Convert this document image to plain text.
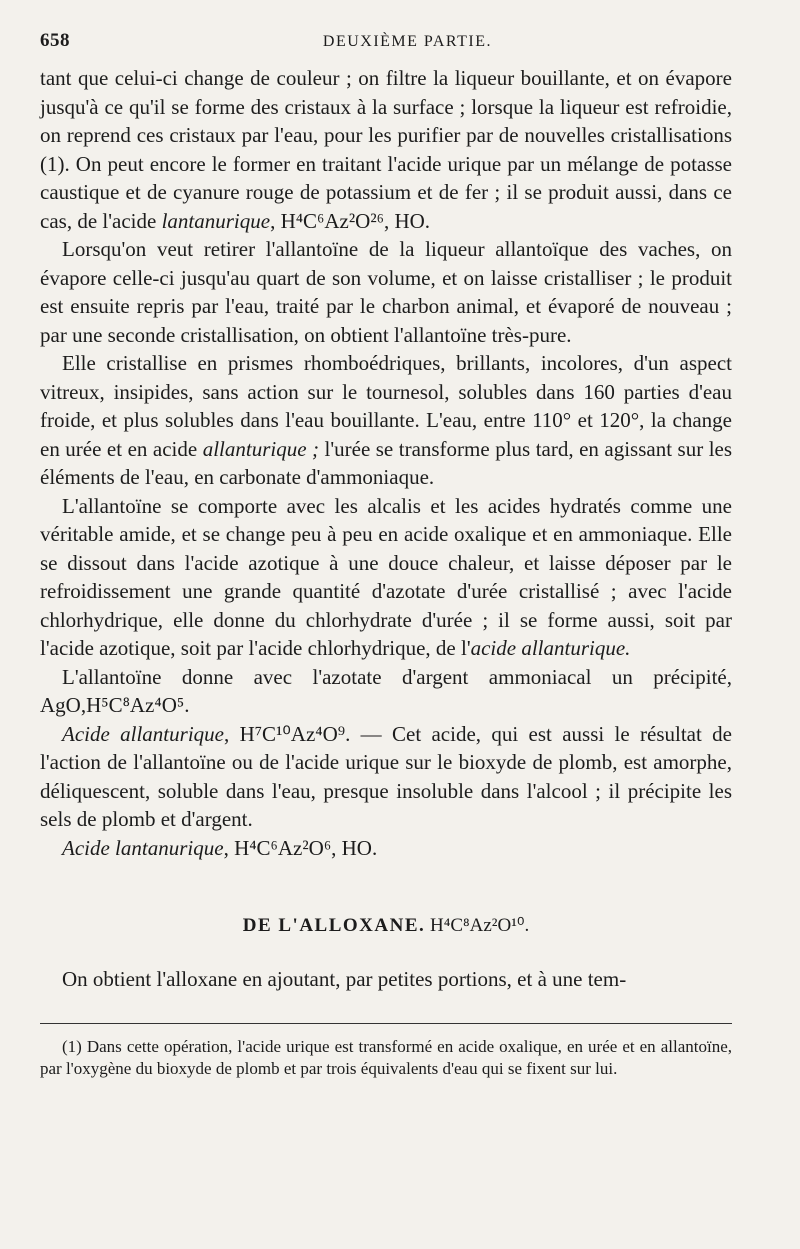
658	DEUXIÈME PARTIE.

tant que celui-ci change de couleur ; on filtre la liqueur bouillante, et on évapore jusqu'à ce qu'il se forme des cristaux à la surface ; lorsque la liqueur est refroidie, on reprend ces cristaux par l'eau, pour les purifier par de nouvelles cristallisations (1). On peut encore le former en traitant l'acide urique par un mélange de potasse caustique et de cyanure rouge de potassium et de fer ; il se produit aussi, dans ce cas, de l'acide lantanurique, H⁴C⁶Az²O²⁶, HO.

Lorsqu'on veut retirer l'allantoïne de la liqueur allantoïque des vaches, on évapore celle-ci jusqu'au quart de son volume, et on laisse cristalliser ; le produit est ensuite repris par l'eau, traité par le charbon animal, et évaporé de nouveau ; par une seconde cristallisation, on obtient l'allantoïne très-pure.

Elle cristallise en prismes rhomboédriques, brillants, incolores, d'un aspect vitreux, insipides, sans action sur le tournesol, solubles dans 160 parties d'eau froide, et plus solubles dans l'eau bouillante. L'eau, entre 110° et 120°, la change en urée et en acide allanturique ; l'urée se transforme plus tard, en agissant sur les éléments de l'eau, en carbonate d'ammoniaque.

L'allantoïne se comporte avec les alcalis et les acides hydratés comme une véritable amide, et se change peu à peu en acide oxalique et en ammoniaque. Elle se dissout dans l'acide azotique à une douce chaleur, et laisse déposer par le refroidissement une grande quantité d'azotate d'urée cristallisé ; avec l'acide chlorhydrique, elle donne du chlorhydrate d'urée ; il se forme aussi, soit par l'acide azotique, soit par l'acide chlorhydrique, de l'acide allanturique.

L'allantoïne donne avec l'azotate d'argent ammoniacal un précipité, AgO,H⁵C⁸Az⁴O⁵.

Acide allanturique, H⁷C¹⁰Az⁴O⁹. — Cet acide, qui est aussi le résultat de l'action de l'allantoïne ou de l'acide urique sur le bioxyde de plomb, est amorphe, déliquescent, soluble dans l'eau, presque insoluble dans l'alcool ; il précipite les sels de plomb et d'argent.

Acide lantanurique, H⁴C⁶Az²O⁶, HO.

DE L'ALLOXANE. H⁴C⁸Az²O¹⁰.

On obtient l'alloxane en ajoutant, par petites portions, et à une tem-

(1) Dans cette opération, l'acide urique est transformé en acide oxalique, en urée et en allantoïne, par l'oxygène du bioxyde de plomb et par trois équivalents d'eau qui se fixent sur lui.
